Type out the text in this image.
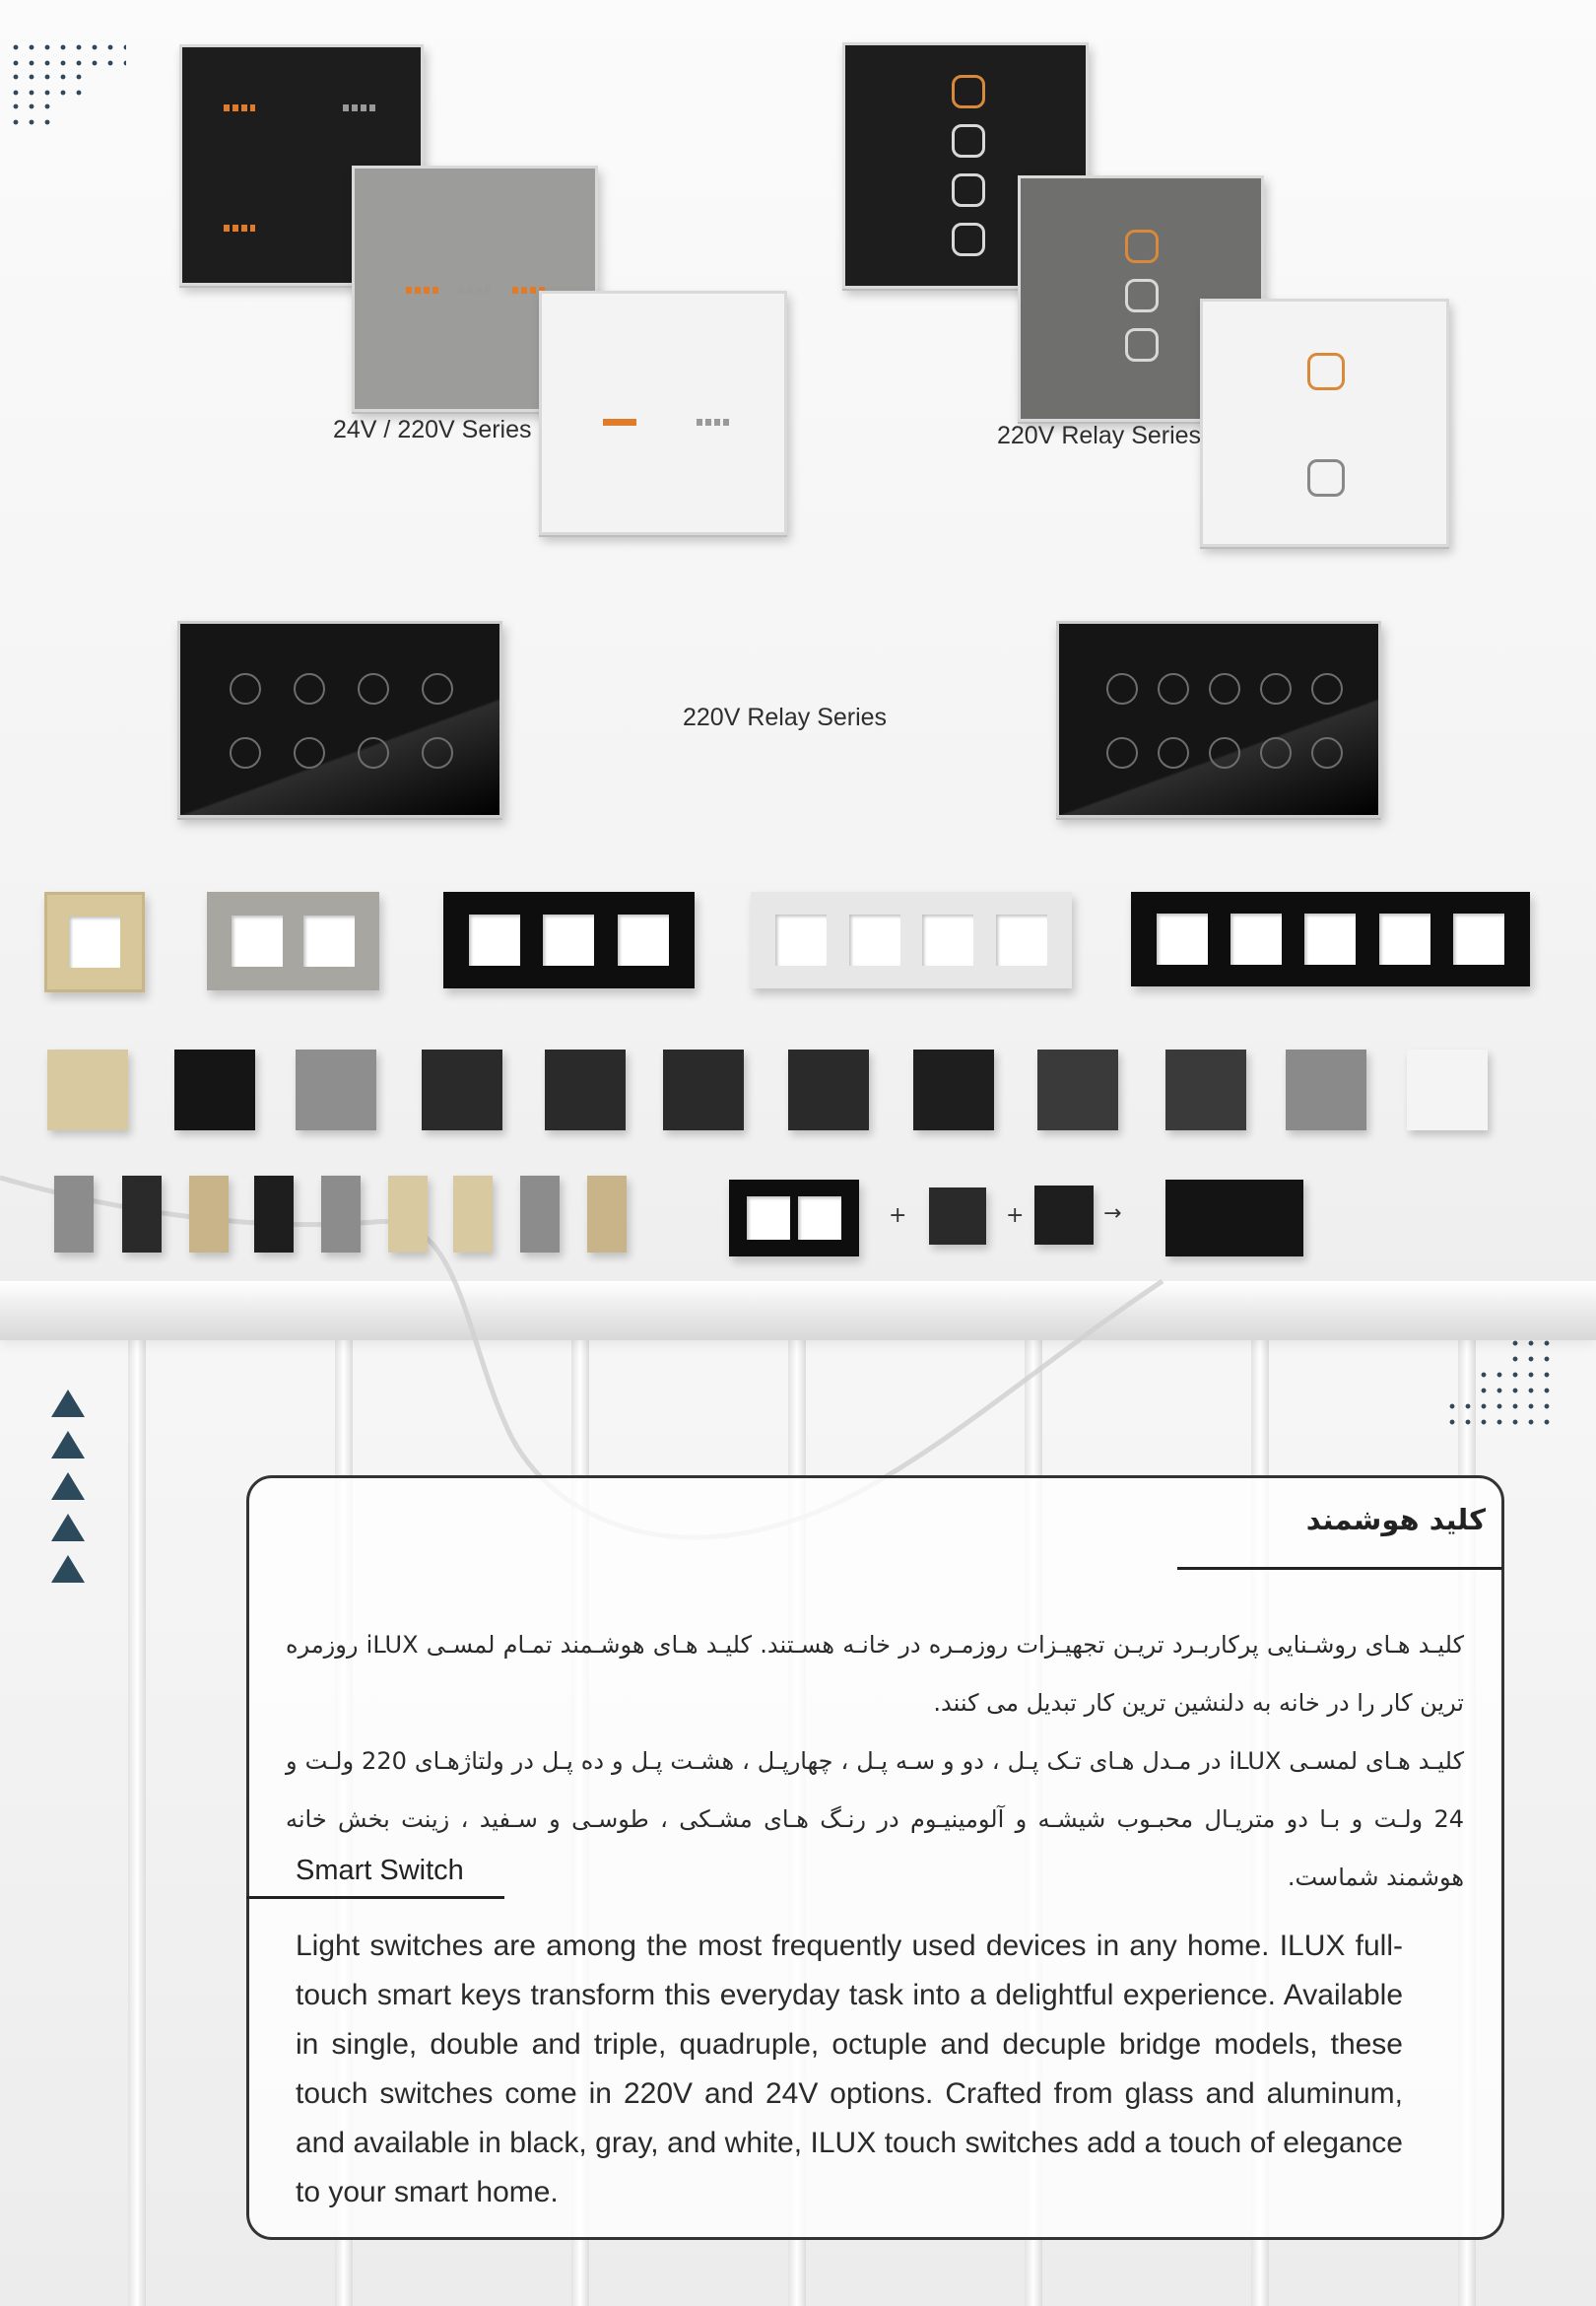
24V / 220V Series	220V Relay Series
220V Relay Series
+	+	→
کلید هوشمند

کلیـد هـای روشـنایی پرکاربـرد تریـن تجهیـزات روزمـره در خانـه هسـتند. کلیـد هـای هوشـمند تمـام لمسـی iLUX روزمره ترین کار را در خانه به دلنشین ترین کار تبدیل می کنند.

کلیـد هـای لمسـی iLUX در مـدل هـای تـک پـل ، دو و سـه پـل ، چهارپـل ، هشـت پـل و ده پـل در ولتاژهـای 220 ولـت و 24 ولـت و بـا دو متریـال محبـوب شیشـه و آلومینیـوم در رنـگ هـای مشـکی ، طوسـی و سـفید ، زینت بخش خانه هوشمند شماست.

Smart Switch
Light switches are among the most frequently used devices in any home. ILUX full-touch smart keys transform this everyday task into a delightful experience. Available in single, double and triple, quadruple, octuple and decuple bridge models, these touch switches come in 220V and 24V options. Crafted from glass and aluminum, and available in black, gray, and white, ILUX touch switches add a touch of elegance to your smart home.
